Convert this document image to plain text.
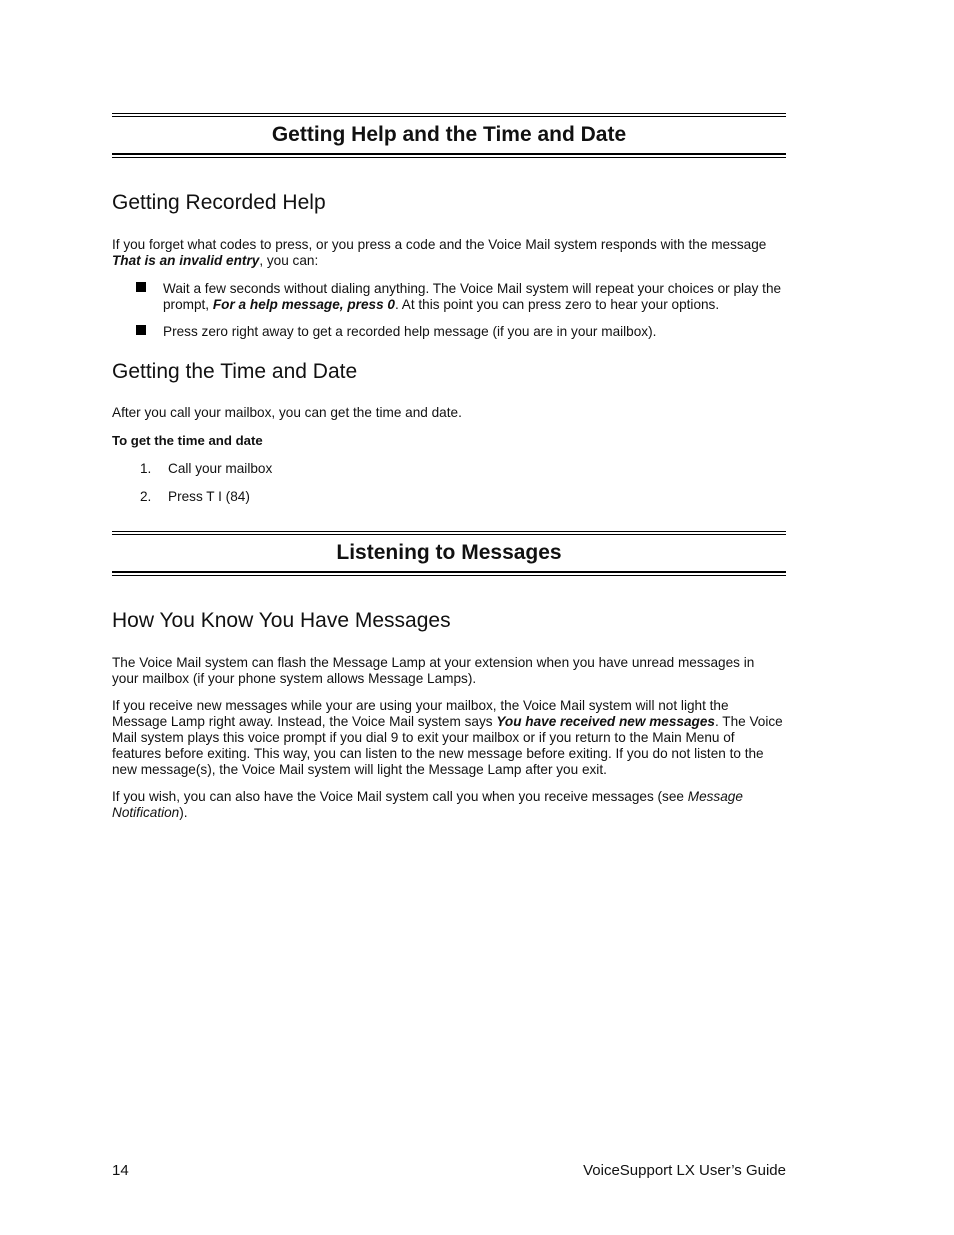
Getting Help and the Time and Date
Getting Recorded Help

If you forget what codes to press, or you press a code and the Voice Mail system responds with the message That is an invalid entry, you can:

Wait a few seconds without dialing anything. The Voice Mail system will repeat your choices or play the prompt, For a help message, press 0. At this point you can press zero to hear your options.
Press zero right away to get a recorded help message (if you are in your mailbox).
Getting the Time and Date

After you call your mailbox, you can get the time and date.

To get the time and date
1. Call your mailbox
2. Press T I (84)
Listening to Messages
How You Know You Have Messages

The Voice Mail system can flash the Message Lamp at your extension when you have unread messages in your mailbox (if your phone system allows Message Lamps).

If you receive new messages while your are using your mailbox, the Voice Mail system will not light the Message Lamp right away. Instead, the Voice Mail system says You have received new messages. The Voice Mail system plays this voice prompt if you dial 9 to exit your mailbox or if you return to the Main Menu of features before exiting. This way, you can listen to the new message before exiting. If you do not listen to the new message(s), the Voice Mail system will light the Message Lamp after you exit.

If you wish, you can also have the Voice Mail system call you when you receive messages (see Message Notification).

14	VoiceSupport LX User’s Guide
